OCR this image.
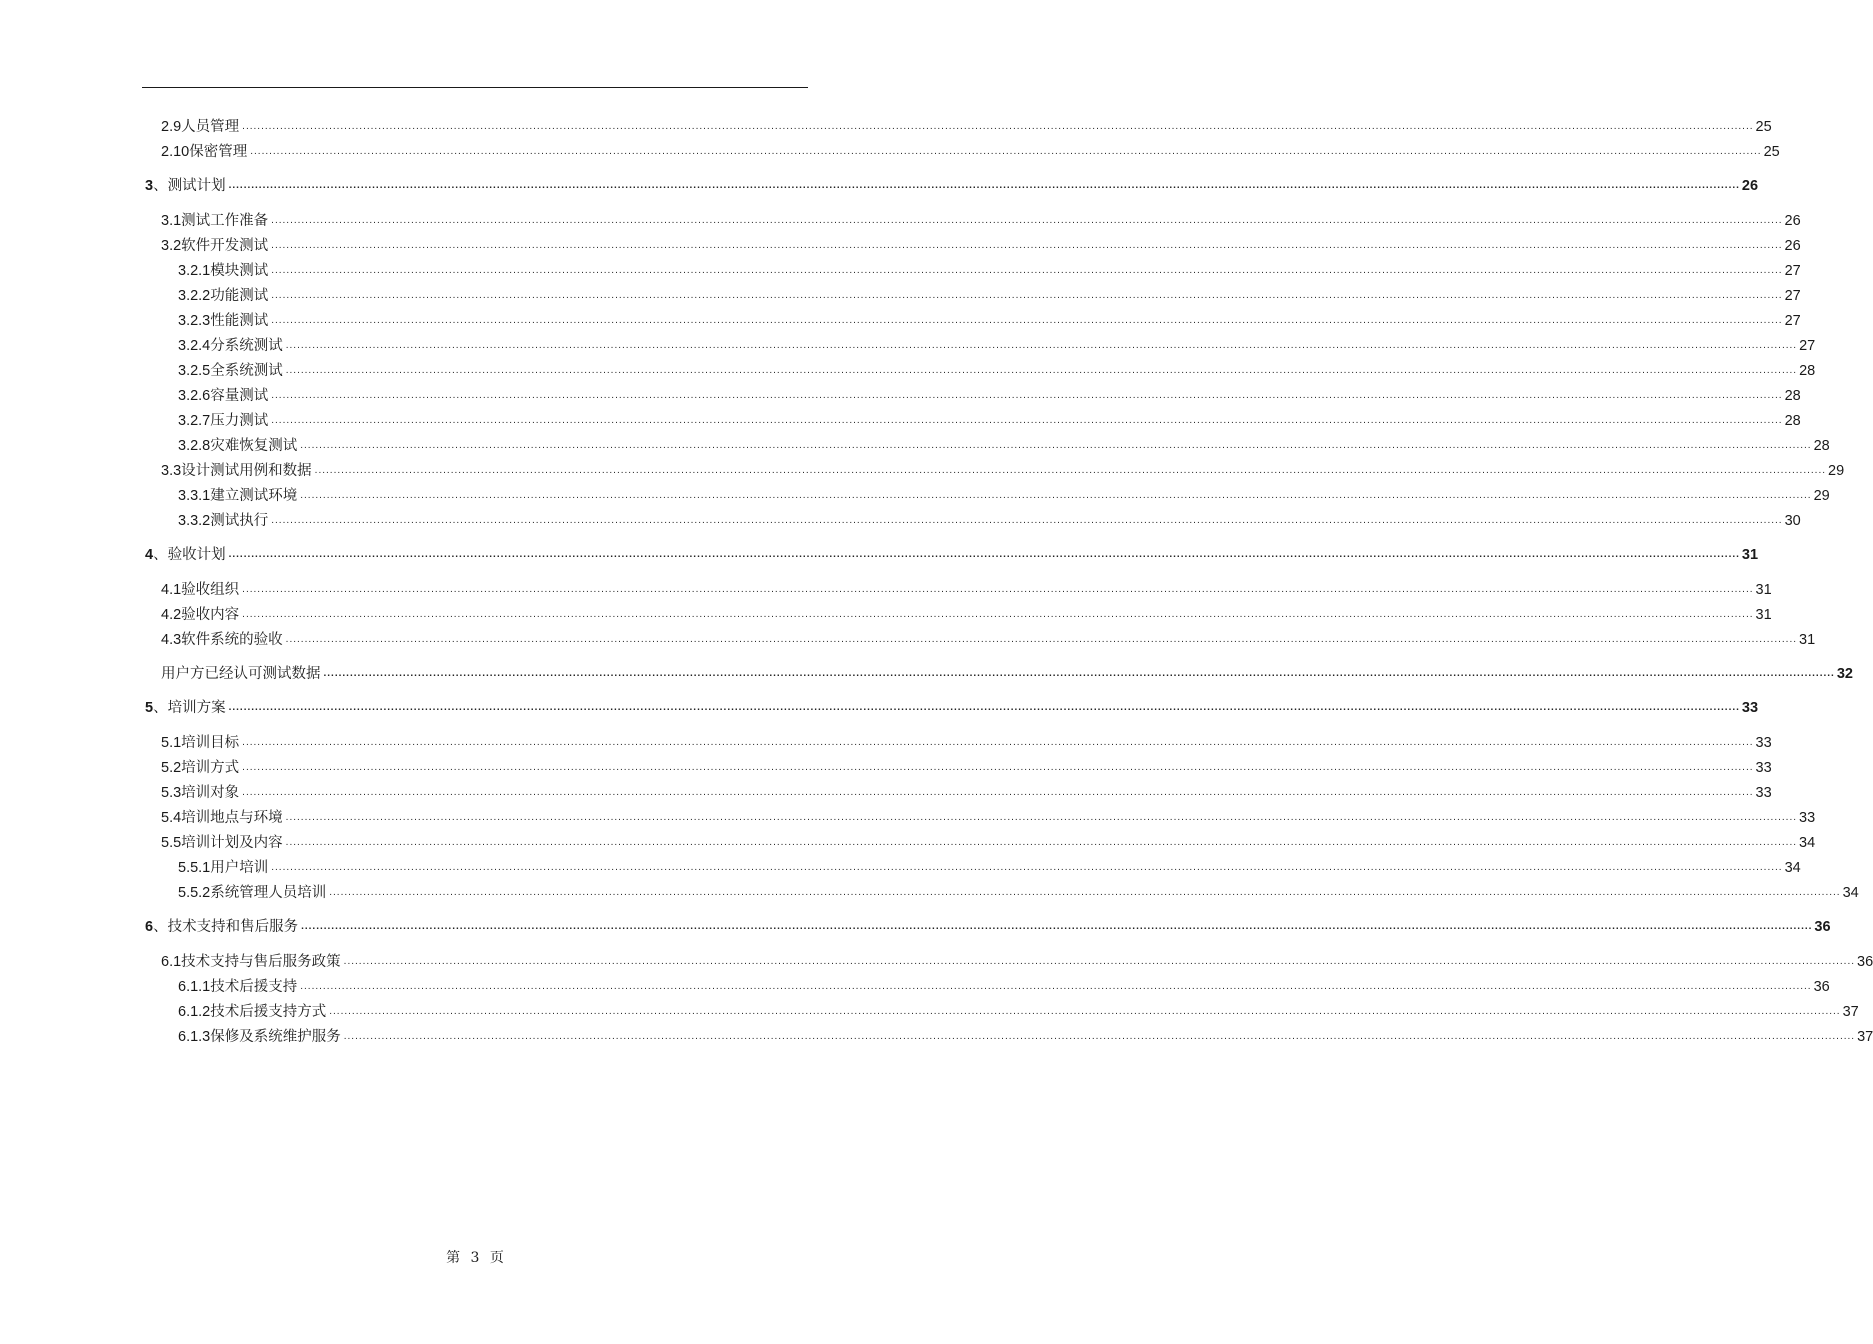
2.9 人员管理 ................................................................................................................................................................................................................................................................................................................................................................................................................ 25
2.10 保密管理 ................................................................................................................................................................................................................................................................................................................................................................................................................ 25
3 、测试计划 ................................................................................................................................................................................................................................................................................................................................................................................................................ 26
3.1 测试工作准备 ................................................................................................................................................................................................................................................................................................................................................................................................................ 26
3.2 软件开发测试 ................................................................................................................................................................................................................................................................................................................................................................................................................ 26
3.2.1 模块测试 ................................................................................................................................................................................................................................................................................................................................................................................................................ 27
3.2.2 功能测试 ................................................................................................................................................................................................................................................................................................................................................................................................................ 27
3.2.3 性能测试 ................................................................................................................................................................................................................................................................................................................................................................................................................ 27
3.2.4 分系统测试 ................................................................................................................................................................................................................................................................................................................................................................................................................ 27
3.2.5 全系统测试 ................................................................................................................................................................................................................................................................................................................................................................................................................ 28
3.2.6 容量测试 ................................................................................................................................................................................................................................................................................................................................................................................................................ 28
3.2.7 压力测试 ................................................................................................................................................................................................................................................................................................................................................................................................................ 28
3.2.8 灾难恢复测试 ................................................................................................................................................................................................................................................................................................................................................................................................................ 28
3.3 设计测试用例和数据 ................................................................................................................................................................................................................................................................................................................................................................................................................ 29
3.3.1 建立测试环境 ................................................................................................................................................................................................................................................................................................................................................................................................................ 29
3.3.2 测试执行 ................................................................................................................................................................................................................................................................................................................................................................................................................ 30
4 、验收计划 ................................................................................................................................................................................................................................................................................................................................................................................................................ 31
4.1 验收组织 ................................................................................................................................................................................................................................................................................................................................................................................................................ 31
4.2 验收内容 ................................................................................................................................................................................................................................................................................................................................................................................................................ 31
4.3 软件系统的验收 ................................................................................................................................................................................................................................................................................................................................................................................................................ 31
用户方已经认可测试数据 ................................................................................................................................................................................................................................................................................................................................................................................................................ 32
5 、培训方案 ................................................................................................................................................................................................................................................................................................................................................................................................................ 33
5.1 培训目标 ................................................................................................................................................................................................................................................................................................................................................................................................................ 33
5.2 培训方式 ................................................................................................................................................................................................................................................................................................................................................................................................................ 33
5.3 培训对象 ................................................................................................................................................................................................................................................................................................................................................................................................................ 33
5.4 培训地点与环境 ................................................................................................................................................................................................................................................................................................................................................................................................................ 33
5.5 培训计划及内容 ................................................................................................................................................................................................................................................................................................................................................................................................................ 34
5.5.1 用户培训 ................................................................................................................................................................................................................................................................................................................................................................................................................ 34
5.5.2 系统管理人员培训 ................................................................................................................................................................................................................................................................................................................................................................................................................ 34
6 、技术支持和售后服务 ................................................................................................................................................................................................................................................................................................................................................................................................................ 36
6.1 技术支持与售后服务政策 ................................................................................................................................................................................................................................................................................................................................................................................................................ 36
6.1.1 技术后援支持 ................................................................................................................................................................................................................................................................................................................................................................................................................ 36
6.1.2 技术后援支持方式 ................................................................................................................................................................................................................................................................................................................................................................................................................ 37
6.1.3 保修及系统维护服务 ................................................................................................................................................................................................................................................................................................................................................................................................................ 37
第 3 页
